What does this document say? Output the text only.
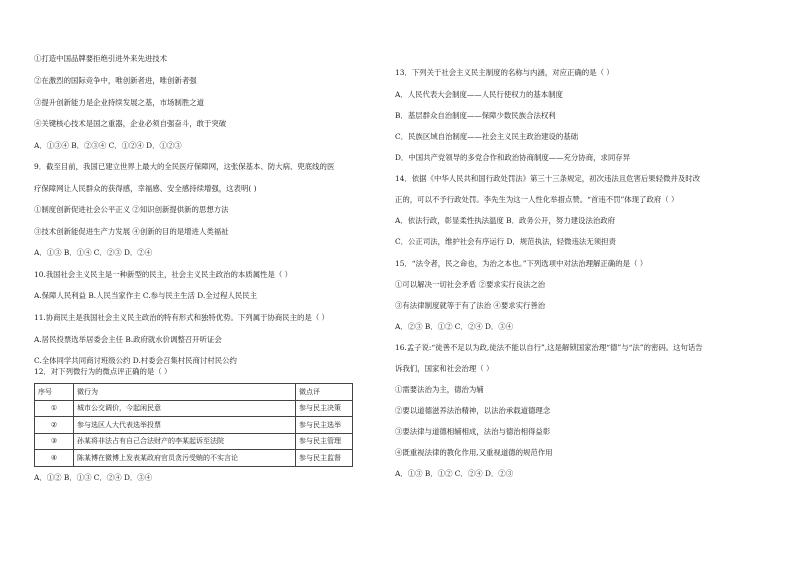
①打造中国品牌要拒绝引进外来先进技术
②在激烈的国际竞争中，唯创新者进，唯创新者强
③提升创新能力是企业持续发展之基，市场制胜之道
④关键核心技术是国之重器，企业必须自强奋斗，敢于突破
A．①③④ B．②③④ C．①②④ D．①②③
9．截至目前，我国已建立世界上最大的全民医疗保障网，这张保基本、防大病、兜底线的医
疗保障网让人民群众的获得感，幸福感、安全感持续增强，这表明( )
①制度创新促进社会公平正义 ②知识创新提供新的思想方法
③技术创新能促进生产力发展 ④创新的目的是增进人类福祉
A．①③ B．①④ C．②③ D．②④
10.我国社会主义民主是一种新型的民主，社会主义民主政治的本质属性是（ ）
A.保障人民利益 B.人民当家作主 C.参与民主生活 D.全过程人民民主
11.协商民主是我国社会主义民主政治的特有形式和独特优势。下列属于协商民主的是（ ）
A.居民投票选举居委会主任 B.政府就水价调整召开听证会
C.全体同学共同商讨班级公约 D.村委会召集村民商讨村民公约
12．对下列微行为的微点评正确的是（ ）
序号	微行为	微点评
①	城市公交调价，今起闲民意	参与民主决策
②	参与选区人大代表选举投票	参与民主选举
③	孙某将非法占有自己合法财产的李某起诉至法院	参与民主管理
④	陈某博在微博上发表某政府官员贪污受贿的不实言论	参与民主监督
A．①② B．①③ C．②④ D．③④
13．下列关于社会主义民主制度的名称与内涵，对应正确的是（ ）
A．人民代表大会制度——人民行使权力的基本制度
B．基层群众自治制度——保障少数民族合法权利
C．民族区域自治制度——社会主义民主政治建设的基础
D．中国共产党领导的多党合作和政治协商制度——充分协商，求同存异
14．依据《中华人民共和国行政处罚法》第三十三条规定，初次违法且危害后果轻微并及时改
正的，可以不予行政处罚。李先生为这一人性化举措点赞。“首违不罚”体现了政府（ ）
A．依法行政，彰显柔性执法温度 B．政务公开，努力建设法治政府
C．公正司法，维护社会有序运行 D．规范执法，轻微违法无须担责
15．“法令者，民之命也，为治之本也。”下列选项中对法治理解正确的是（ ）
①可以解决一切社会矛盾 ②要求实行良法之治
③有法律制度就等于有了法治 ④要求实行善治
A．②③ B．①② C．②④ D．③④
16.孟子说:“徒善不足以为政,徒法不能以自行”,这是解锁国家治理“德”与“法”的密码。这句话告
诉我们，国家和社会治理（ ）
①需要法治为主，德治为辅
②要以道德滋养法治精神，以法治承载道德理念
③要法律与道德相辅相成，法治与德治相得益彰
④既重视法律的教化作用,又重视道德的规范作用
A．①③ B．①② C．②④ D．②③
